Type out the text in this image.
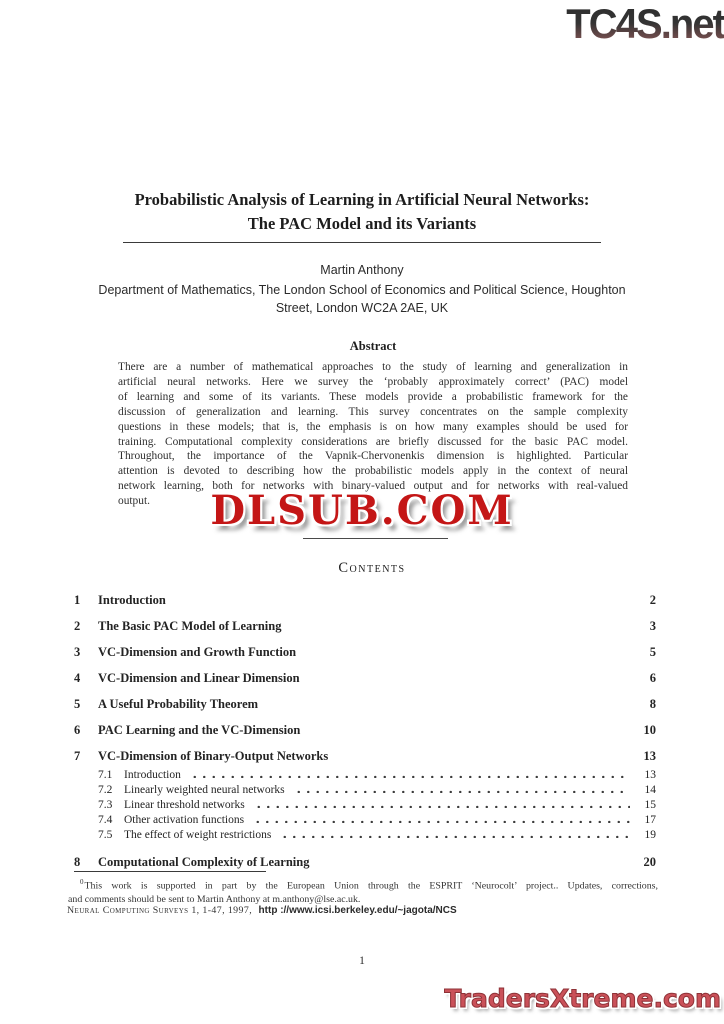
TC4S.net
Probabilistic Analysis of Learning in Artificial Neural Networks:
The PAC Model and its Variants
Martin Anthony
Department of Mathematics, The London School of Economics and Political Science, Houghton
Street, London WC2A 2AE, UK
Abstract
There are a number of mathematical approaches to the study of learning and generalization in
artificial neural networks. Here we survey the ‘probably approximately correct’ (PAC) model
of learning and some of its variants. These models provide a probabilistic framework for the
discussion of generalization and learning. This survey concentrates on the sample complexity
questions in these models; that is, the emphasis is on how many examples should be used for
training. Computational complexity considerations are briefly discussed for the basic PAC model.
Throughout, the importance of the Vapnik-Chervonenkis dimension is highlighted. Particular
attention is devoted to describing how the probabilistic models apply in the context of neural
network learning, both for networks with binary-valued output and for networks with real-valued
output.	DLSUB.COM
Contents
1	Introduction	2
2	The Basic PAC Model of Learning	3
3	VC-Dimension and Growth Function	5
4	VC-Dimension and Linear Dimension	6
5	A Useful Probability Theorem	8
6	PAC Learning and the VC-Dimension	10
7	VC-Dimension of Binary-Output Networks	13
7.1	Introduction	13
7.2	Linearly weighted neural networks	14
7.3	Linear threshold networks	15
7.4	Other activation functions	17
7.5	The effect of weight restrictions	19
8	Computational Complexity of Learning	20
$^0$This work is supported in part by the European Union through the ESPRIT ‘Neurocolt’ project.. Updates, corrections,
and comments should be sent to Martin Anthony at m.anthony@lse.ac.uk.
Neural Computing Surveys 1, 1-47, 1997, http ://www.icsi.berkeley.edu/~jagota/NCS
1
TradersXtreme.com
